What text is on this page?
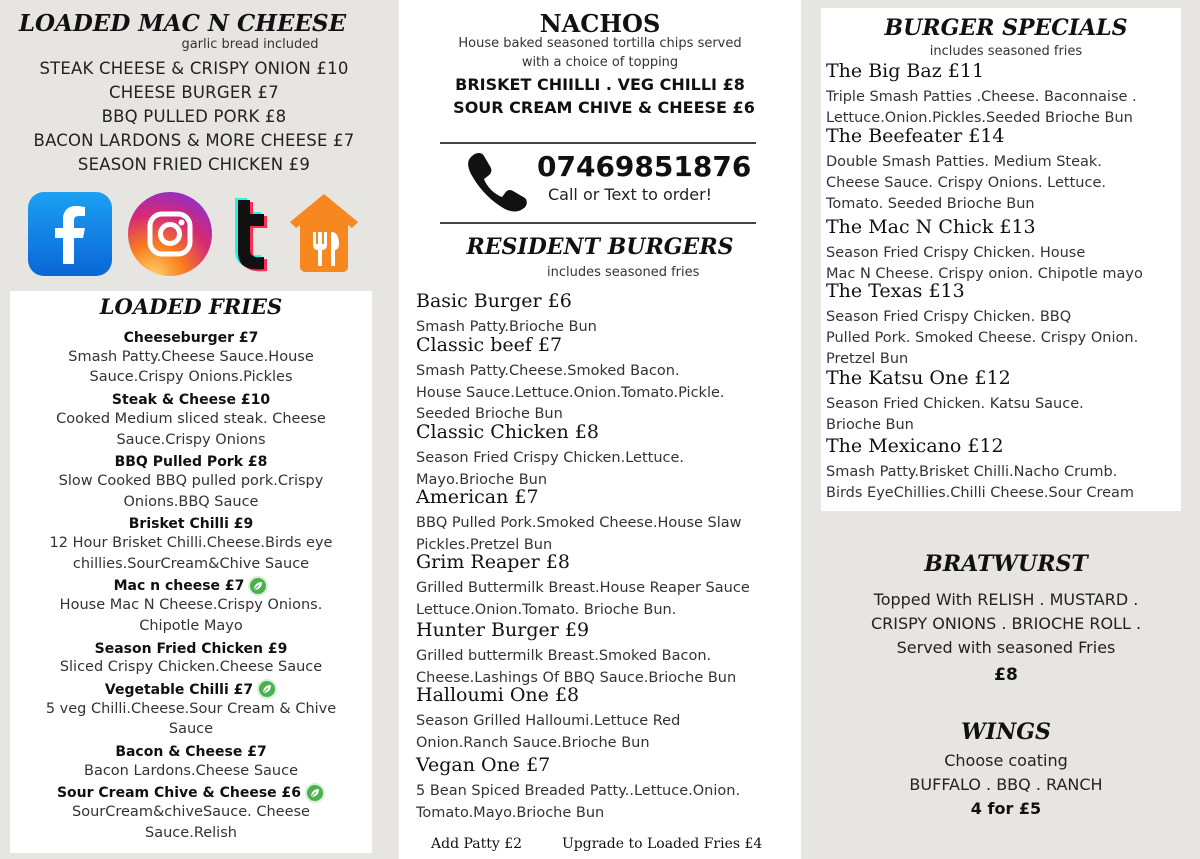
LOADED MAC N CHEESE
garlic bread included
STEAK CHEESE & CRISPY ONION £10
CHEESE BURGER £7
BBQ PULLED PORK £8
BACON LARDONS & MORE CHEESE £7
SEASON FRIED CHICKEN £9
LOADED FRIES
Cheeseburger £7
Smash Patty.Cheese Sauce.House
Sauce.Crispy Onions.Pickles
Steak & Cheese £10
Cooked Medium sliced steak. Cheese
Sauce.Crispy Onions
BBQ Pulled Pork £8
Slow Cooked BBQ pulled pork.Crispy
Onions.BBQ Sauce
Brisket Chilli £9
12 Hour Brisket Chilli.Cheese.Birds eye
chillies.SourCream&Chive Sauce
Mac n cheese £7
House Mac N Cheese.Crispy Onions.
Chipotle Mayo
Season Fried Chicken £9
Sliced Crispy Chicken.Cheese Sauce
Vegetable Chilli £7
5 veg Chilli.Cheese.Sour Cream & Chive
Sauce
Bacon & Cheese £7
Bacon Lardons.Cheese Sauce
Sour Cream Chive & Cheese £6
SourCream&chiveSauce. Cheese
Sauce.Relish
NACHOS
House baked seasoned tortilla chips served
with a choice of topping
BRISKET CHIILLI . VEG CHILLI £8
SOUR CREAM CHIVE & CHEESE £6
07469851876
Call or Text to order!
RESIDENT BURGERS
includes seasoned fries
Basic Burger £6
Smash Patty.Brioche Bun
Classic beef £7
Smash Patty.Cheese.Smoked Bacon.
House Sauce.Lettuce.Onion.Tomato.Pickle.
Seeded Brioche Bun
Classic Chicken £8
Season Fried Crispy Chicken.Lettuce.
Mayo.Brioche Bun
American £7
BBQ Pulled Pork.Smoked Cheese.House Slaw
Pickles.Pretzel Bun
Grim Reaper £8
Grilled Buttermilk Breast.House Reaper Sauce
Lettuce.Onion.Tomato. Brioche Bun.
Hunter Burger £9
Grilled buttermilk Breast.Smoked Bacon.
Cheese.Lashings Of BBQ Sauce.Brioche Bun
Halloumi One £8
Season Grilled Halloumi.Lettuce Red
Onion.Ranch Sauce.Brioche Bun
Vegan One £7
5 Bean Spiced Breaded Patty..Lettuce.Onion.
Tomato.Mayo.Brioche Bun
Add Patty £2	Upgrade to Loaded Fries £4
BURGER SPECIALS
includes seasoned fries
The Big Baz £11
Triple Smash Patties .Cheese. Baconnaise .
Lettuce.Onion.Pickles.Seeded Brioche Bun
The Beefeater £14
Double Smash Patties. Medium Steak.
Cheese Sauce. Crispy Onions. Lettuce.
Tomato. Seeded Brioche Bun
The Mac N Chick £13
Season Fried Crispy Chicken. House
Mac N Cheese. Crispy onion. Chipotle mayo
The Texas £13
Season Fried Crispy Chicken. BBQ
Pulled Pork. Smoked Cheese. Crispy Onion.
Pretzel Bun
The Katsu One £12
Season Fried Chicken. Katsu Sauce.
Brioche Bun
The Mexicano £12
Smash Patty.Brisket Chilli.Nacho Crumb.
Birds EyeChillies.Chilli Cheese.Sour Cream
BRATWURST
Topped With RELISH . MUSTARD .
CRISPY ONIONS . BRIOCHE ROLL .
Served with seasoned Fries
£8
WINGS
Choose coating
BUFFALO . BBQ . RANCH
4 for £5
